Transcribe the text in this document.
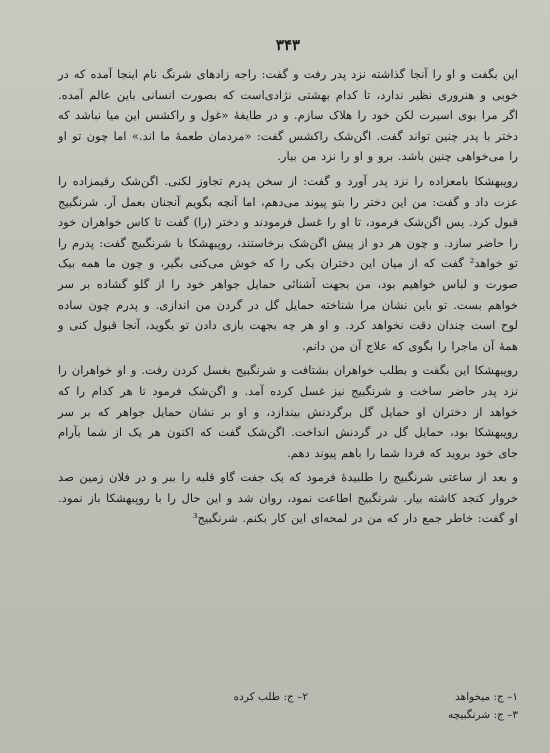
۳۴۳

این بگفت و او را آنجا گذاشته نزد پدر رفت و گفت: راجه زادهای شرنگ نام اینجا آمده که در خوبی و هنروری نظیر ندارد، تا کدام بهشتی نژادی‌است که بصورت انسانی باین عالم آمده. اگر مرا بوی اسیرت لکن خود را هلاک سازم. و در طایفهٔ «غول و راکشس این میا نباشد که دختر با پدر چنین تواند گفت. اگن‌شک راکشس گفت: «مردمان طعمهٔ ما اند.» اما چون تو او را می‌خواهی چنین باشد. برو و او را نزد من بیار.

روپبهشکا بامعزاده را نزد پدر آورد و گفت: از سخن پدرم تجاوز لکنی. اگن‌شک رقیمزاده را عزت داد و گفت: من این دختر را بتو پیوند می‌دهم، اما آنچه بگویم آنجنان بعمل آر. شرنگبیج قبول کرد. پس اگن‌شک فرمود، تا او را غسل فرمودند و دختر (را) گفت تا کاس خواهران خود را حاضر سازد. و چون هر دو از پیش اگن‌شک برخاستند، روپبهشکا با شرنگبیج گفت: پدرم را تو خواهد² گفت که از میان این دختران یکی را که خوش می‌کنی بگیر، و چون ما همه بیک صورت و لباس خواهیم بود، من بجهت آشنائی حمایل جواهر خود را از گلو گشاده بر سر خواهم بست. تو باین نشان مرا شناخته حمایل گل در گردن من اندازی. و پدرم چون ساده لوح است چندان دقت نخواهد کرد. و او هر چه بجهت بازی دادن تو بگوید، آنجا قبول کنی و همهٔ آن ماجرا را بگوی که علاج آن من دانم.

روپبهشکا این بگفت و بطلب خواهران بشتافت و شرنگبیج بغسل کردن رفت. و او خواهران را نزد پدر حاضر ساخت و شرنگبیج نیز غسل کرده آمد. و اگن‌شک فرمود تا هر کدام را که خواهد از دختران او حمایل گل برگردنش بیندازد، و او بر نشان حمایل جواهر که بر سر روپبهشکا بود، حمایل گل در گردنش انداخت. اگن‌شک گفت که اکنون هر یک از شما بآرام جای خود بروید که فردا شما را باهم پیوند دهم.

و بعد از ساعتی شرنگبیج را طلبیدهٔ فرمود که یک جفت گاو قلبه را ببر و در فلان زمین صد خروار کنجد کاشته بیار. شرنگبیج اطاعت نمود، روان شد و این حال را با روپبهشکا باز نمود. او گفت: خاطر جمع دار که من در لمحه‌ای این کار بکنم. شرنگبیج³

۱– ج: میخواهد
۳– ج: شرنگبیچه
۲– ج: طلب کرده
